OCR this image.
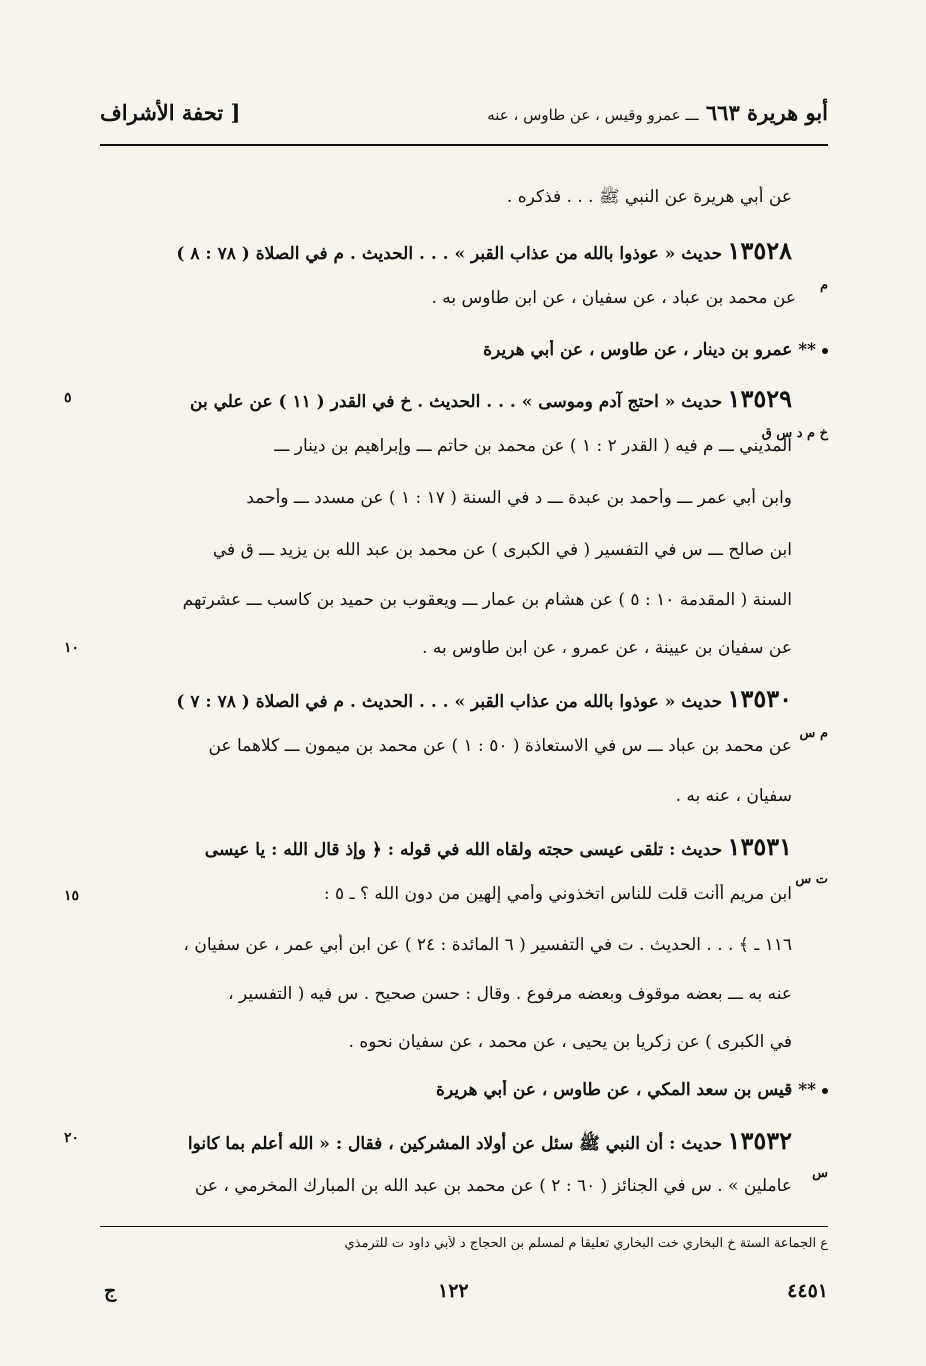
أبو هريرة ٦٦٣ ـــ عمرو وقيس ، عن طاوس ، عنه
[ تحفة الأشراف
عن أبي هريرة عن النبي ﷺ . . . فذكره .
١٣٥٢٨ حديث « عوذوا بالله من عذاب القبر » . . . الحديث . م في الصلاة ( ٧٨ : ٨ )
عن محمد بن عباد ، عن سفيان ، عن ابن طاوس به .
** عمرو بن دينار ، عن طاوس ، عن أبي هريرة
١٣٥٢٩ حديث « احتج آدم وموسى » . . . الحديث . خ في القدر ( ١١ ) عن علي بن
المديني ـــ م فيه ( القدر ٢ : ١ ) عن محمد بن حاتم ـــ وإبراهيم بن دينار ـــ
وابن أبي عمر ـــ وأحمد بن عبدة ـــ د في السنة ( ١٧ : ١ ) عن مسدد ـــ وأحمد
ابن صالح ـــ س في التفسير ( في الكبرى ) عن محمد بن عبد الله بن يزيد ـــ ق في
السنة ( المقدمة ١٠ : ٥ ) عن هشام بن عمار ـــ ويعقوب بن حميد بن كاسب ـــ عشرتهم
عن سفيان بن عيينة ، عن عمرو ، عن ابن طاوس به .
١٣٥٣٠ حديث « عوذوا بالله من عذاب القبر » . . . الحديث . م في الصلاة ( ٧٨ : ٧ )
عن محمد بن عباد ـــ س في الاستعاذة ( ٥٠ : ١ ) عن محمد بن ميمون ـــ كلاهما عن
سفيان ، عنه به .
١٣٥٣١ حديث : تلقى عيسى حجته ولقاه الله في قوله : ﴿ وإذ قال الله : يا عيسى
ابن مريم أأنت قلت للناس اتخذوني وأمي إلهين من دون الله ؟ ـ ٥ :
١١٦ ـ ﴾ . . . الحديث . ت في التفسير ( ٦ المائدة : ٢٤ ) عن ابن أبي عمر ، عن سفيان ،
عنه به ـــ بعضه موقوف وبعضه مرفوع . وقال : حسن صحيح . س فيه ( التفسير ،
في الكبرى ) عن زكريا بن يحيى ، عن محمد ، عن سفيان نحوه .
** قيس بن سعد المكي ، عن طاوس ، عن أبي هريرة
١٣٥٣٢ حديث : أن النبي ﷺ سئل عن أولاد المشركين ، فقال : « الله أعلم بما كانوا
عاملين » . س في الجنائز ( ٦٠ : ٢ ) عن محمد بن عبد الله بن المبارك المخرمي ، عن
م
خ م د س ق
م س
ت س
س
٥
١٠
١٥
٢٠
ع الجماعة الستة خ البخاري خت البخاري تعليقاً م لمسلم بن الحجاج د لأبي داود ت للترمذي
٤٤٥١
١٢٢
ج
